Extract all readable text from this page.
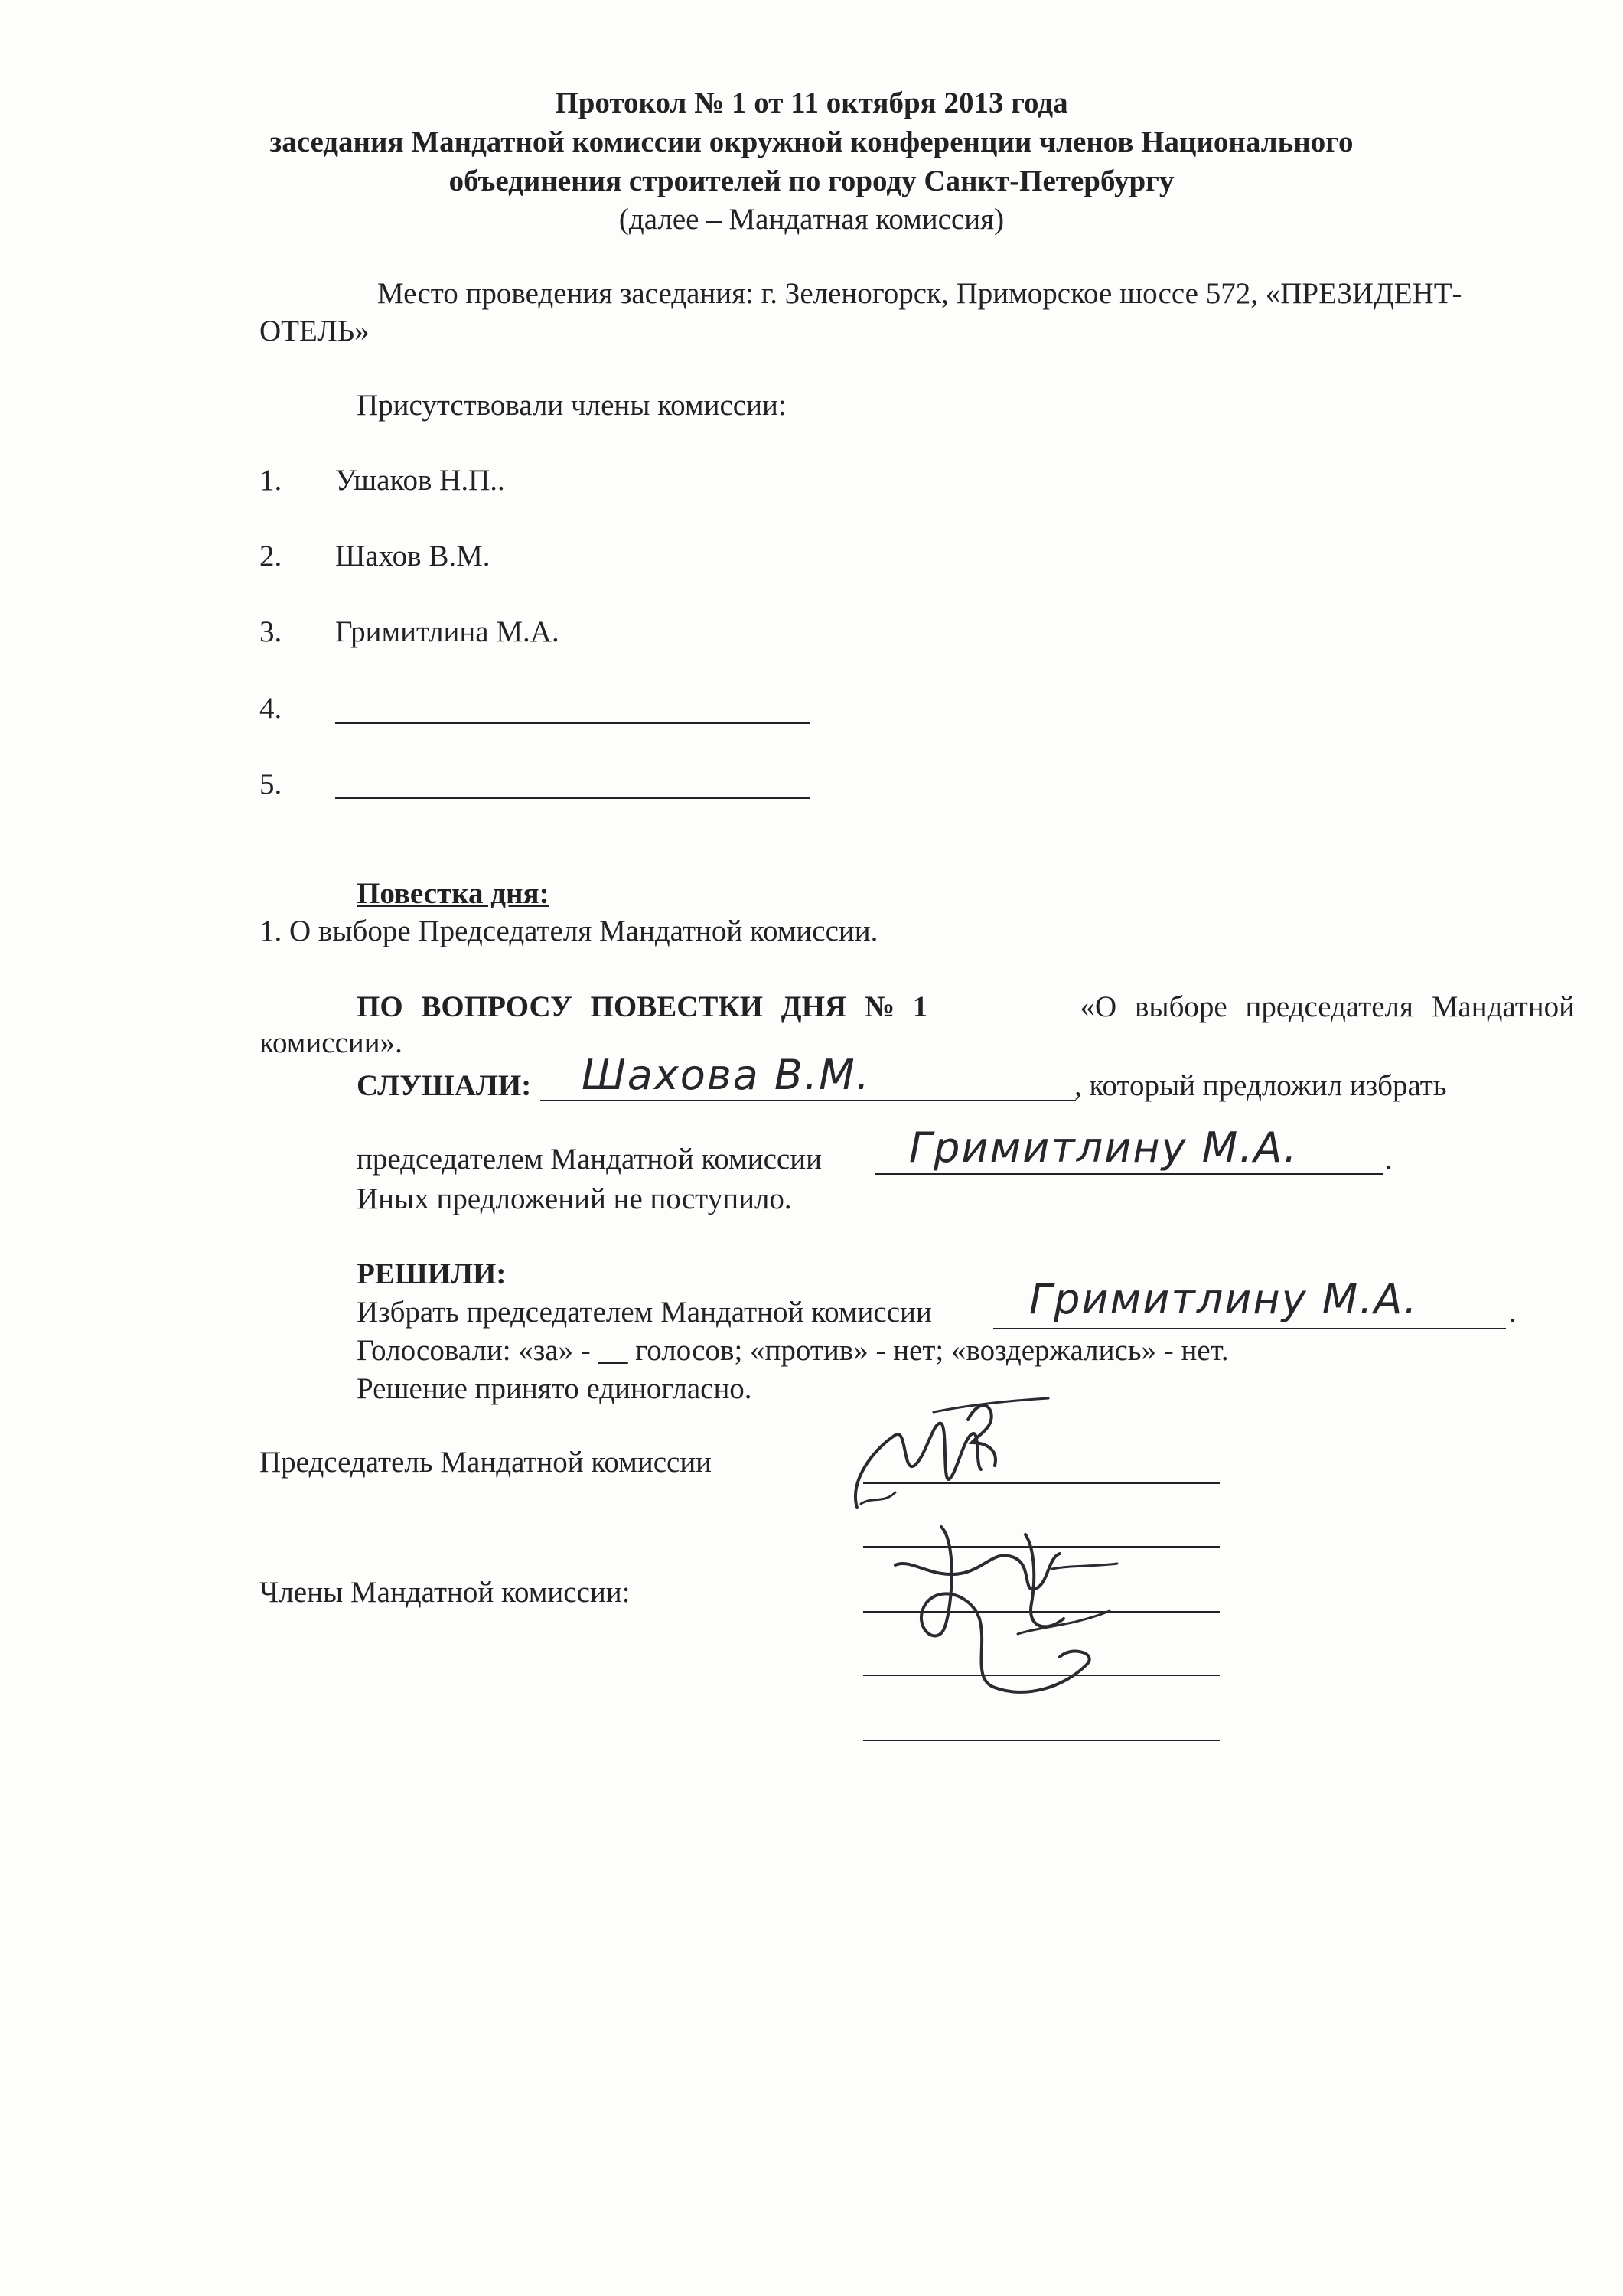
Протокол № 1 от 11 октября 2013 года
заседания Мандатной комиссии окружной конференции членов Национального
объединения строителей по городу Санкт-Петербургу
(далее – Мандатная комиссия)
Место проведения заседания: г. Зеленогорск, Приморское шоссе 572, «ПРЕЗИДЕНТ-
ОТЕЛЬ»
Присутствовали члены комиссии:
1. Ушаков Н.П..
2. Шахов В.М.
3. Гримитлина М.А.
4.
5.
Повестка дня:
1. О выборе Председателя Мандатной комиссии.
ПО ВОПРОСУ ПОВЕСТКИ ДНЯ № 1	«О выборе председателя Мандатной
комиссии».
СЛУШАЛИ: Шахова В.М.	, который предложил избрать
председателем Мандатной комиссии Гримитлину М.А.	.
Иных предложений не поступило.
РЕШИЛИ:
Избрать председателем Мандатной комиссии Гримитлину М.А.	.
Голосовали: «за» - __ голосов; «против» - нет; «воздержались» - нет.
Решение принято единогласно.
Председатель Мандатной комиссии
Члены Мандатной комиссии:
